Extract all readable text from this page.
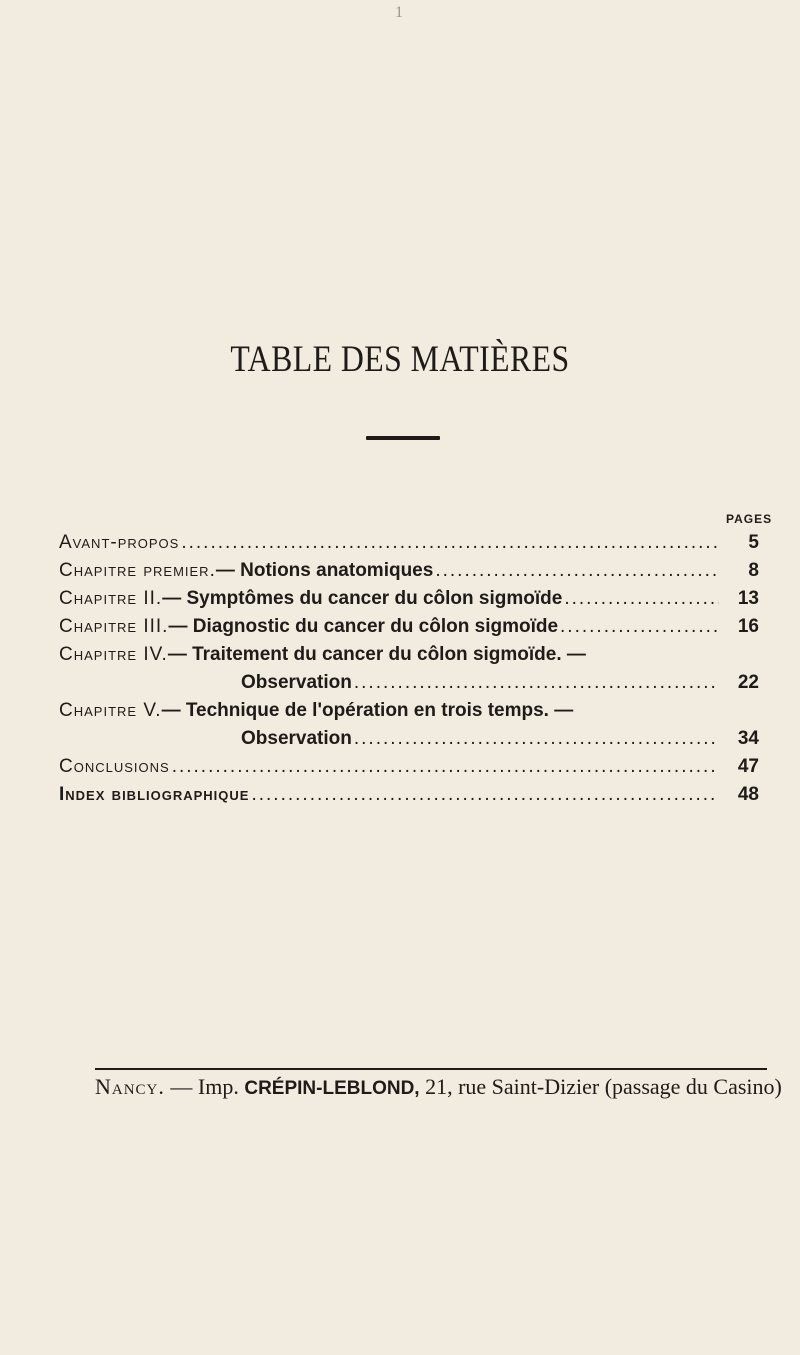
1
TABLE DES MATIÈRES
PAGES
Avant-propos .....	5
Chapitre premier. — Notions anatomiques .....	8
Chapitre II. — Symptômes du cancer du côlon sigmoïde .....	13
Chapitre III. — Diagnostic du cancer du côlon sigmoïde .....	16
Chapitre IV. — Traitement du cancer du côlon sigmoïde. —
Observation .....	22
Chapitre V. — Technique de l'opération en trois temps. —
Observation .....	34
Conclusions .....	47
Index bibliographique .....	48
Nancy. — Imp. CRÉPIN-LEBLOND, 21, rue Saint-Dizier (passage du Casino)
